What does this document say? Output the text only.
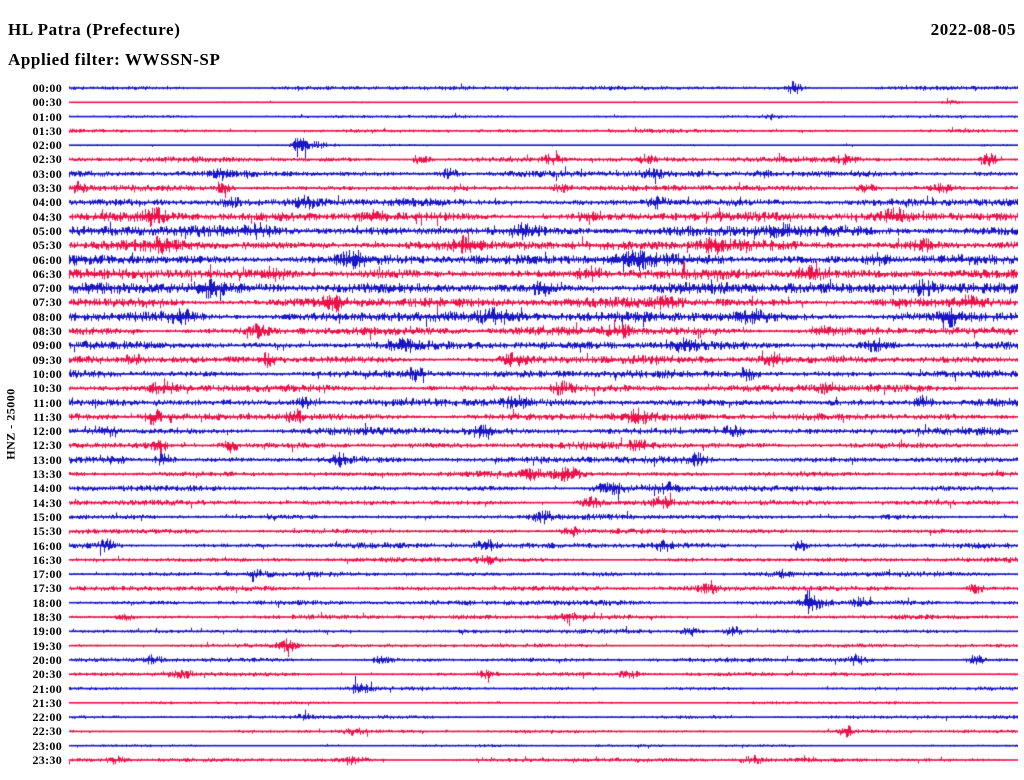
HL Patra (Prefecture)	2022-08-05
Applied filter: WWSSN-SP
HNZ - 25000
00:00
00:30
01:00
01:30
02:00
02:30
03:00
03:30
04:00
04:30
05:00
05:30
06:00
06:30
07:00
07:30
08:00
08:30
09:00
09:30
10:00
10:30
11:00
11:30
12:00
12:30
13:00
13:30
14:00
14:30
15:00
15:30
16:00
16:30
17:00
17:30
18:00
18:30
19:00
19:30
20:00
20:30
21:00
21:30
22:00
22:30
23:00
23:30
